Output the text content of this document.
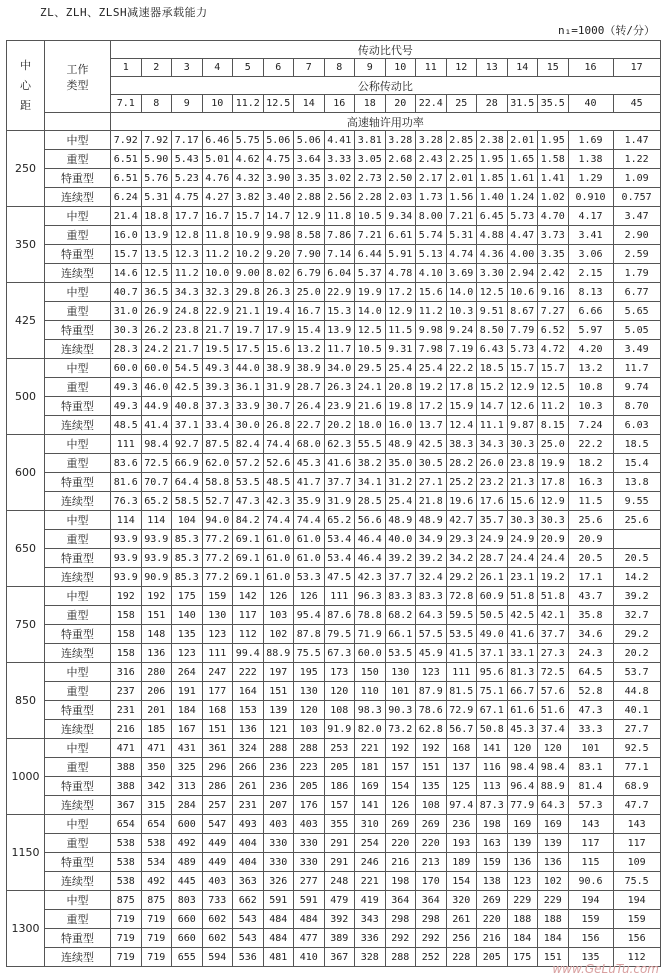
ZL、ZLH、ZLSH减速器承载能力
n₁=1000（转/分）
中
心
距	工作
类型	传动比代号																
		1	2	3	4	5	6	7	8	9	10	11	12	13	14	15	16	17
		公称传动比																
		7.1	8	9	10	11.2	12.5	14	16	18	20	22.4	25	28	31.5	35.5	40	45
		高速轴许用功率																
250	中型	7.92	7.92	7.17	6.46	5.75	5.06	5.06	4.41	3.81	3.28	3.28	2.85	2.38	2.01	1.95	1.69	1.47
	重型	6.51	5.90	5.43	5.01	4.62	4.75	3.64	3.33	3.05	2.68	2.43	2.25	1.95	1.65	1.58	1.38	1.22
	特重型	6.51	5.76	5.23	4.76	4.32	3.90	3.35	3.02	2.73	2.50	2.17	2.01	1.85	1.61	1.41	1.29	1.09
	连续型	6.24	5.31	4.75	4.27	3.82	3.40	2.88	2.56	2.28	2.03	1.73	1.56	1.40	1.24	1.02	0.910	0.757
350	中型	21.4	18.8	17.7	16.7	15.7	14.7	12.9	11.8	10.5	9.34	8.00	7.21	6.45	5.73	4.70	4.17	3.47
	重型	16.0	13.9	12.8	11.8	10.9	9.98	8.58	7.86	7.21	6.61	5.74	5.31	4.88	4.47	3.73	3.41	2.90
	特重型	15.7	13.5	12.3	11.2	10.2	9.20	7.90	7.14	6.44	5.91	5.13	4.74	4.36	4.00	3.35	3.06	2.59
	连续型	14.6	12.5	11.2	10.0	9.00	8.02	6.79	6.04	5.37	4.78	4.10	3.69	3.30	2.94	2.42	2.15	1.79
425	中型	40.7	36.5	34.3	32.3	29.8	26.3	25.0	22.9	19.9	17.2	15.6	14.0	12.5	10.6	9.16	8.13	6.77
	重型	31.0	26.9	24.8	22.9	21.1	19.4	16.7	15.3	14.0	12.9	11.2	10.3	9.51	8.67	7.27	6.66	5.65
	特重型	30.3	26.2	23.8	21.7	19.7	17.9	15.4	13.9	12.5	11.5	9.98	9.24	8.50	7.79	6.52	5.97	5.05
	连续型	28.3	24.2	21.7	19.5	17.5	15.6	13.2	11.7	10.5	9.31	7.98	7.19	6.43	5.73	4.72	4.20	3.49
500	中型	60.0	60.0	54.5	49.3	44.0	38.9	38.9	34.0	29.5	25.4	25.4	22.2	18.5	15.7	15.7	13.2	11.7
	重型	49.3	46.0	42.5	39.3	36.1	31.9	28.7	26.3	24.1	20.8	19.2	17.8	15.2	12.9	12.5	10.8	9.74
	特重型	49.3	44.9	40.8	37.3	33.9	30.7	26.4	23.9	21.6	19.8	17.2	15.9	14.7	12.6	11.2	10.3	8.70
	连续型	48.5	41.4	37.1	33.4	30.0	26.8	22.7	20.2	18.0	16.0	13.7	12.4	11.1	9.87	8.15	7.24	6.03
600	中型	111	98.4	92.7	87.5	82.4	74.4	68.0	62.3	55.5	48.9	42.5	38.3	34.3	30.3	25.0	22.2	18.5
	重型	83.6	72.5	66.9	62.0	57.2	52.6	45.3	41.6	38.2	35.0	30.5	28.2	26.0	23.8	19.9	18.2	15.4
	特重型	81.6	70.7	64.4	58.8	53.5	48.5	41.7	37.7	34.1	31.2	27.1	25.2	23.2	21.3	17.8	16.3	13.8
	连续型	76.3	65.2	58.5	52.7	47.3	42.3	35.9	31.9	28.5	25.4	21.8	19.6	17.6	15.6	12.9	11.5	9.55
650	中型	114	114	104	94.0	84.2	74.4	74.4	65.2	56.6	48.9	48.9	42.7	35.7	30.3	30.3	25.6	25.6
	重型	93.9	93.9	85.3	77.2	69.1	61.0	61.0	53.4	46.4	40.0	34.9	29.3	24.9	24.9	20.9	20.9	
	特重型	93.9	93.9	85.3	77.2	69.1	61.0	61.0	53.4	46.4	39.2	39.2	34.2	28.7	24.4	24.4	20.5	20.5
	连续型	93.9	90.9	85.3	77.2	69.1	61.0	53.3	47.5	42.3	37.7	32.4	29.2	26.1	23.1	19.2	17.1	14.2
750	中型	192	192	175	159	142	126	126	111	96.3	83.3	83.3	72.8	60.9	51.8	51.8	43.7	39.2
	重型	158	151	140	130	117	103	95.4	87.6	78.8	68.2	64.3	59.5	50.5	42.5	42.1	35.8	32.7
	特重型	158	148	135	123	112	102	87.8	79.5	71.9	66.1	57.5	53.5	49.0	41.6	37.7	34.6	29.2
	连续型	158	136	123	111	99.4	88.9	75.5	67.3	60.0	53.5	45.9	41.5	37.1	33.1	27.3	24.3	20.2
850	中型	316	280	264	247	222	197	195	173	150	130	123	111	95.6	81.3	72.5	64.5	53.7
	重型	237	206	191	177	164	151	130	120	110	101	87.9	81.5	75.1	66.7	57.6	52.8	44.8
	特重型	231	201	184	168	153	139	120	108	98.3	90.3	78.6	72.9	67.1	61.6	51.6	47.3	40.1
	连续型	216	185	167	151	136	121	103	91.9	82.0	73.2	62.8	56.7	50.8	45.3	37.4	33.3	27.7
1000	中型	471	471	431	361	324	288	288	253	221	192	192	168	141	120	120	101	92.5
	重型	388	350	325	296	266	236	223	205	181	157	151	137	116	98.4	98.4	83.1	77.1
	特重型	388	342	313	286	261	236	205	186	169	154	135	125	113	96.4	88.9	81.4	68.9
	连续型	367	315	284	257	231	207	176	157	141	126	108	97.4	87.3	77.9	64.3	57.3	47.7
1150	中型	654	654	600	547	493	403	403	355	310	269	269	236	198	169	169	143	143
	重型	538	538	492	449	404	330	330	291	254	220	220	193	163	139	139	117	117
	特重型	538	534	489	449	404	330	330	291	246	216	213	189	159	136	136	115	109
	连续型	538	492	445	403	363	326	277	248	221	198	170	154	138	123	102	90.6	75.5
1300	中型	875	875	803	733	662	591	591	479	419	364	364	320	269	229	229	194	194
	重型	719	719	660	602	543	484	484	392	343	298	298	261	220	188	188	159	159
	特重型	719	719	660	602	543	484	477	389	336	292	292	256	216	184	184	156	156
	连续型	719	719	655	594	536	481	410	367	328	288	252	228	205	175	151	135	112
www.GeLuTu.com
